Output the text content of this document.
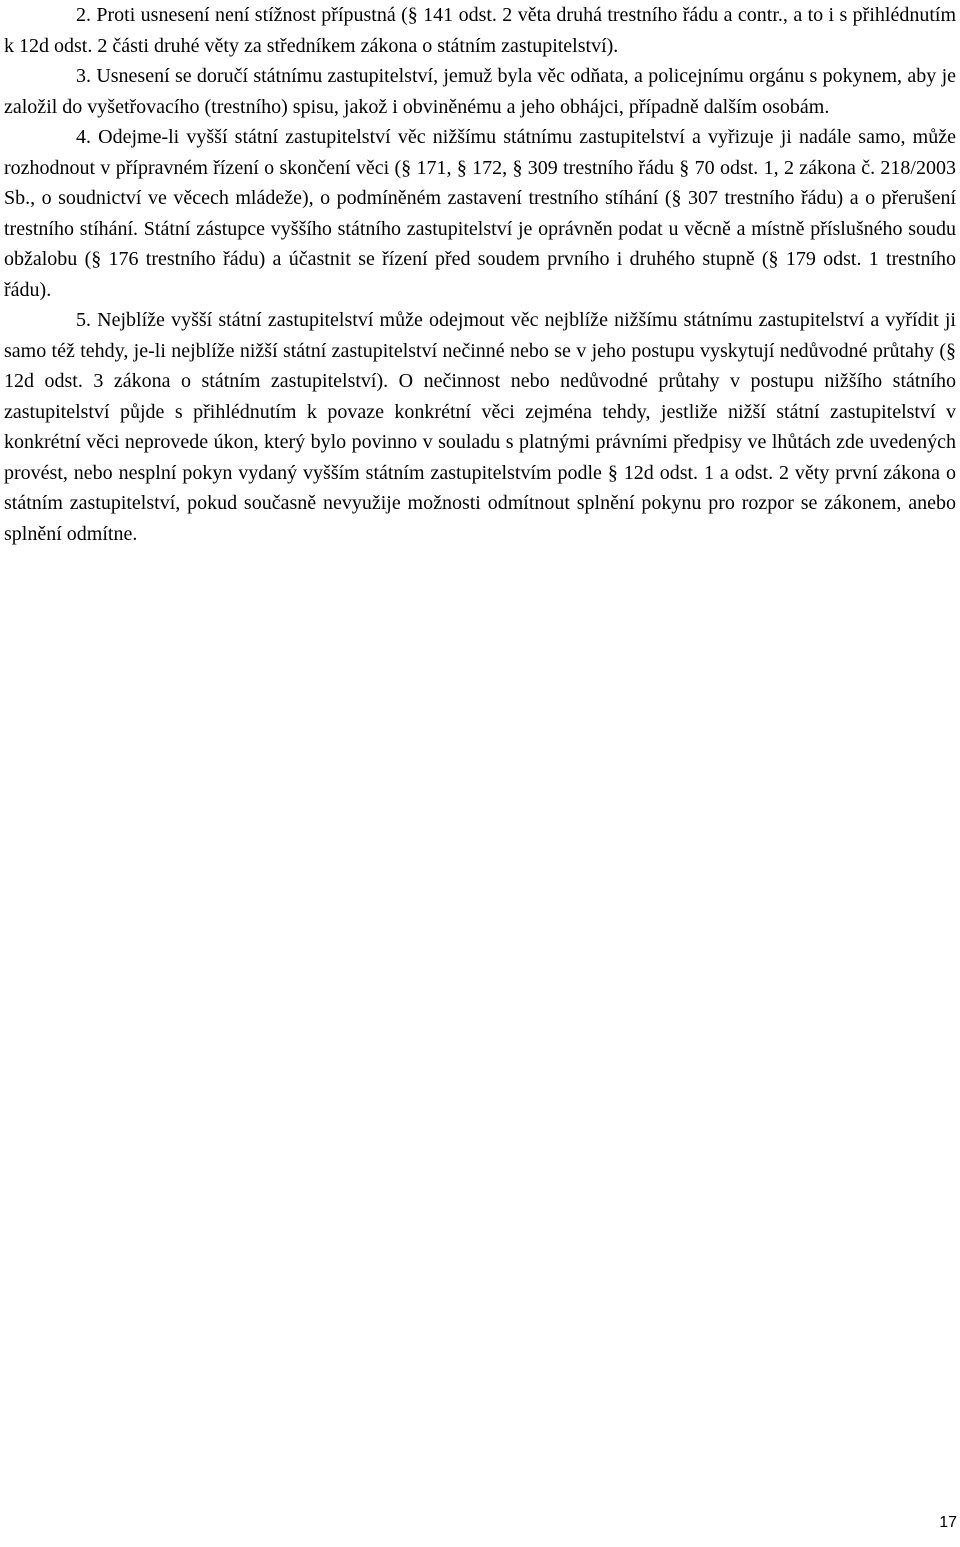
2. Proti usnesení není stížnost přípustná (§ 141 odst. 2 věta druhá trestního řádu a contr., a to i s přihlédnutím k 12d odst. 2 části druhé věty za středníkem zákona o státním zastupitelství).

3. Usnesení se doručí státnímu zastupitelství, jemuž byla věc odňata, a policejnímu orgánu s pokynem, aby je založil do vyšetřovacího (trestního) spisu, jakož i obviněnému a jeho obhájci, případně dalším osobám.

4. Odejme-li vyšší státní zastupitelství věc nižšímu státnímu zastupitelství a vyřizuje ji nadále samo, může rozhodnout v přípravném řízení o skončení věci (§ 171, § 172, § 309 trestního řádu § 70 odst. 1, 2 zákona č. 218/2003 Sb., o soudnictví ve věcech mládeže), o podmíněném zastavení trestního stíhání (§ 307 trestního řádu) a o přerušení trestního stíhání. Státní zástupce vyššího státního zastupitelství je oprávněn podat u věcně a místně příslušného soudu obžalobu (§ 176 trestního řádu) a účastnit se řízení před soudem prvního i druhého stupně (§ 179 odst. 1 trestního řádu).

5. Nejblíže vyšší státní zastupitelství může odejmout věc nejblíže nižšímu státnímu zastupitelství a vyřídit ji samo též tehdy, je-li nejblíže nižší státní zastupitelství nečinné nebo se v jeho postupu vyskytují nedůvodné průtahy (§ 12d odst. 3 zákona o státním zastupitelství). O nečinnost nebo nedůvodné průtahy v postupu nižšího státního zastupitelství půjde s přihlédnutím k povaze konkrétní věci zejména tehdy, jestliže nižší státní zastupitelství v konkrétní věci neprovede úkon, který bylo povinno v souladu s platnými právními předpisy ve lhůtách zde uvedených provést, nebo nesplní pokyn vydaný vyšším státním zastupitelstvím podle § 12d odst. 1 a odst. 2 věty první zákona o státním zastupitelství, pokud současně nevyužije možnosti odmítnout splnění pokynu pro rozpor se zákonem, anebo splnění odmítne.

17
